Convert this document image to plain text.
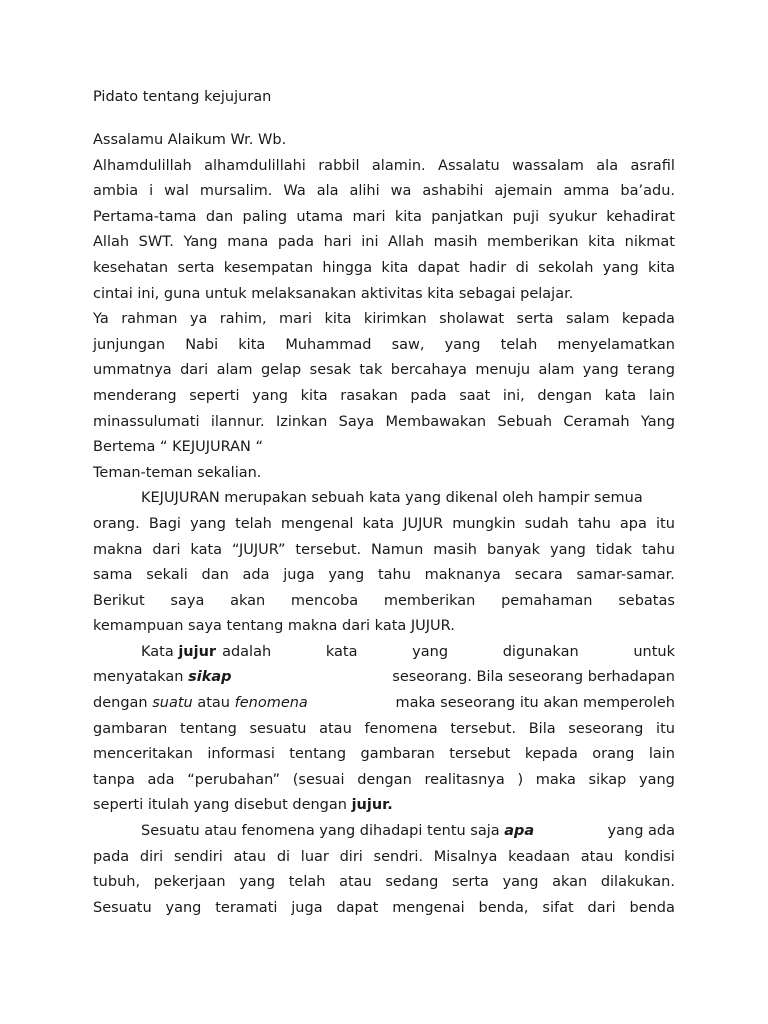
Pidato tentang kejujuran
Assalamu Alaikum Wr. Wb.
Alhamdulillah alhamdulillahi rabbil alamin. Assalatu wassalam ala asrafil
ambia i wal mursalim. Wa ala alihi wa ashabihi ajemain amma ba’adu.
Pertama-tama dan paling utama mari kita panjatkan puji syukur kehadirat
Allah SWT. Yang mana pada hari ini Allah masih memberikan kita nikmat
kesehatan serta kesempatan hingga kita dapat hadir di sekolah yang kita
cintai ini, guna untuk melaksanakan aktivitas kita sebagai pelajar.
Ya rahman ya rahim, mari kita kirimkan sholawat serta salam kepada
junjungan Nabi kita Muhammad saw, yang telah menyelamatkan
ummatnya dari alam gelap sesak tak bercahaya menuju alam yang terang
menderang seperti yang kita rasakan pada saat ini, dengan kata lain
minassulumati ilannur. Izinkan Saya Membawakan Sebuah Ceramah Yang
Bertema “ KEJUJURAN “
Teman-teman sekalian.
KEJUJURAN merupakan sebuah kata yang dikenal oleh hampir semua
orang. Bagi yang telah mengenal kata JUJUR mungkin sudah tahu apa itu
makna dari kata “JUJUR” tersebut. Namun masih banyak yang tidak tahu
sama sekali dan ada juga yang tahu maknanya secara samar-samar.
Berikut saya akan mencoba memberikan pemahaman sebatas
kemampuan saya tentang makna dari kata JUJUR.
Kata jujur adalah	kata	yang	digunakan	untuk
menyatakan sikap	seseorang. Bila seseorang berhadapan
dengan suatu atau fenomena	maka seseorang itu akan memperoleh
gambaran tentang sesuatu atau fenomena tersebut. Bila seseorang itu
menceritakan informasi tentang gambaran tersebut kepada orang lain
tanpa ada “perubahan” (sesuai dengan realitasnya ) maka sikap yang
seperti itulah yang disebut dengan jujur.
Sesuatu atau fenomena yang dihadapi tentu saja apa	yang ada
pada diri sendiri atau di luar diri sendri. Misalnya keadaan atau kondisi
tubuh, pekerjaan yang telah atau sedang serta yang akan dilakukan.
Sesuatu yang teramati juga dapat mengenai benda, sifat dari benda
